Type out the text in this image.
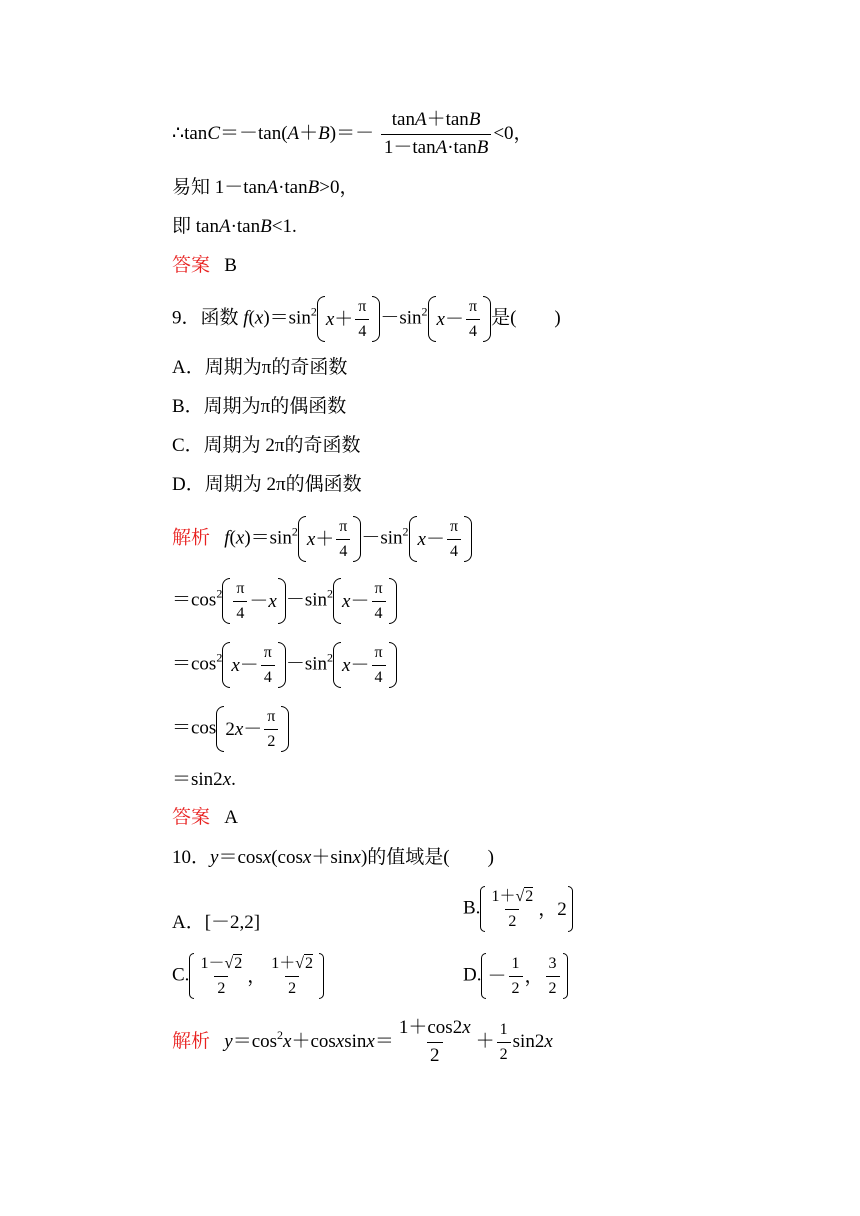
∴tanC＝－tan(A＋B)＝－ $\frac{\tan A+\tan B}{1-\tan A\cdot\tan B} <0$，
易知 1－tanA·tanB>0，
即 tanA·tanB<1.
答案 B
9．函数 $f(x)=\sin^2$ $x + \frac{\pi}{4} -\sin^2$ $x - \frac{\pi}{4}$ 是(　　)
A．周期为π的奇函数
B．周期为π的偶函数
C．周期为 2π的奇函数
D．周期为 2π的偶函数
解析 $f(x)=\sin^2$ $x + \frac{\pi}{4} -\sin^2$ $x - \frac{\pi}{4}$
$=\cos^2 \frac{\pi}{4} - x -\sin^2$ $x - \frac{\pi}{4}$
$=\cos^2$ $x - \frac{\pi}{4} -\sin^2$ $x - \frac{\pi}{4}$
＝cos 2 $x - \frac{\pi}{2}$
＝sin2x.
答案 A
10．y＝cosx(cosx＋sinx)的值域是(　　)
A．[－2,2]
B. $\frac{1+√2}{2}$ ， 2
C. $\frac{1-√2}{2}$ ， $\frac{1+√2}{2}$	D. － $\frac{1}{2}$ ， $\frac{3}{2}$
解析 $y=\cos^2x+cosxsinx= \frac{1+\cos 2x}{2} + \frac{1}{2} \sin 2x$
